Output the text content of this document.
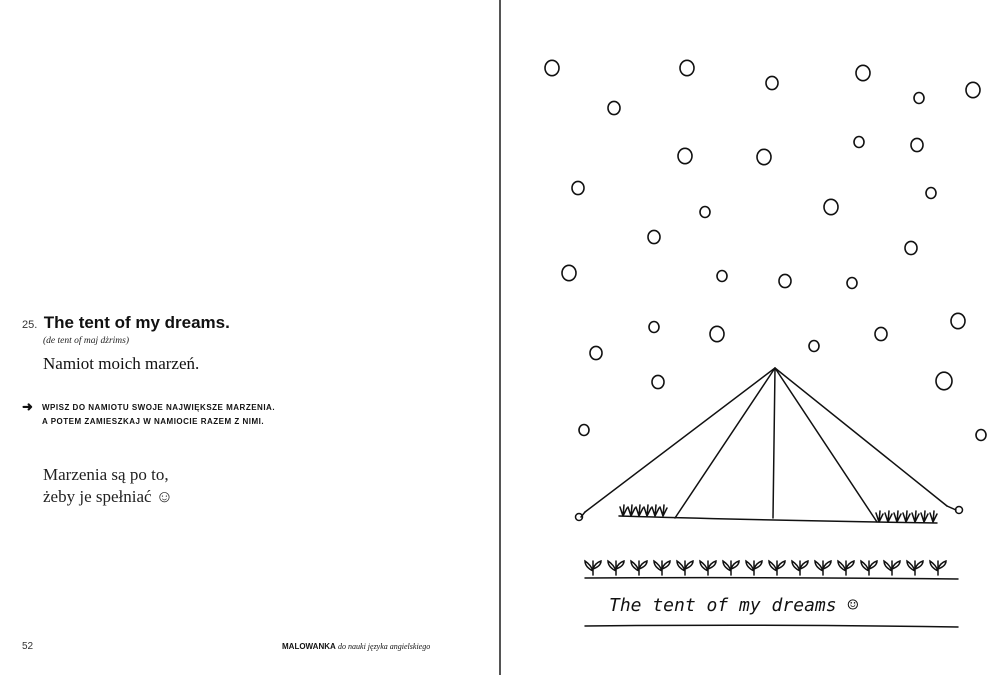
25. The tent of my dreams.
(de tent of maj dżrims)
Namiot moich marzeń.
➜ WPISZ DO NAMIOTU SWOJE NAJWIĘKSZE MARZENIA.
A POTEM ZAMIESZKAJ W NAMIOCIE RAZEM Z NIMI.
Marzenia są po to,
żeby je spełniać ☺
52	MALOWANKA do nauki języka angielskiego
The tent of my dreams ☺
